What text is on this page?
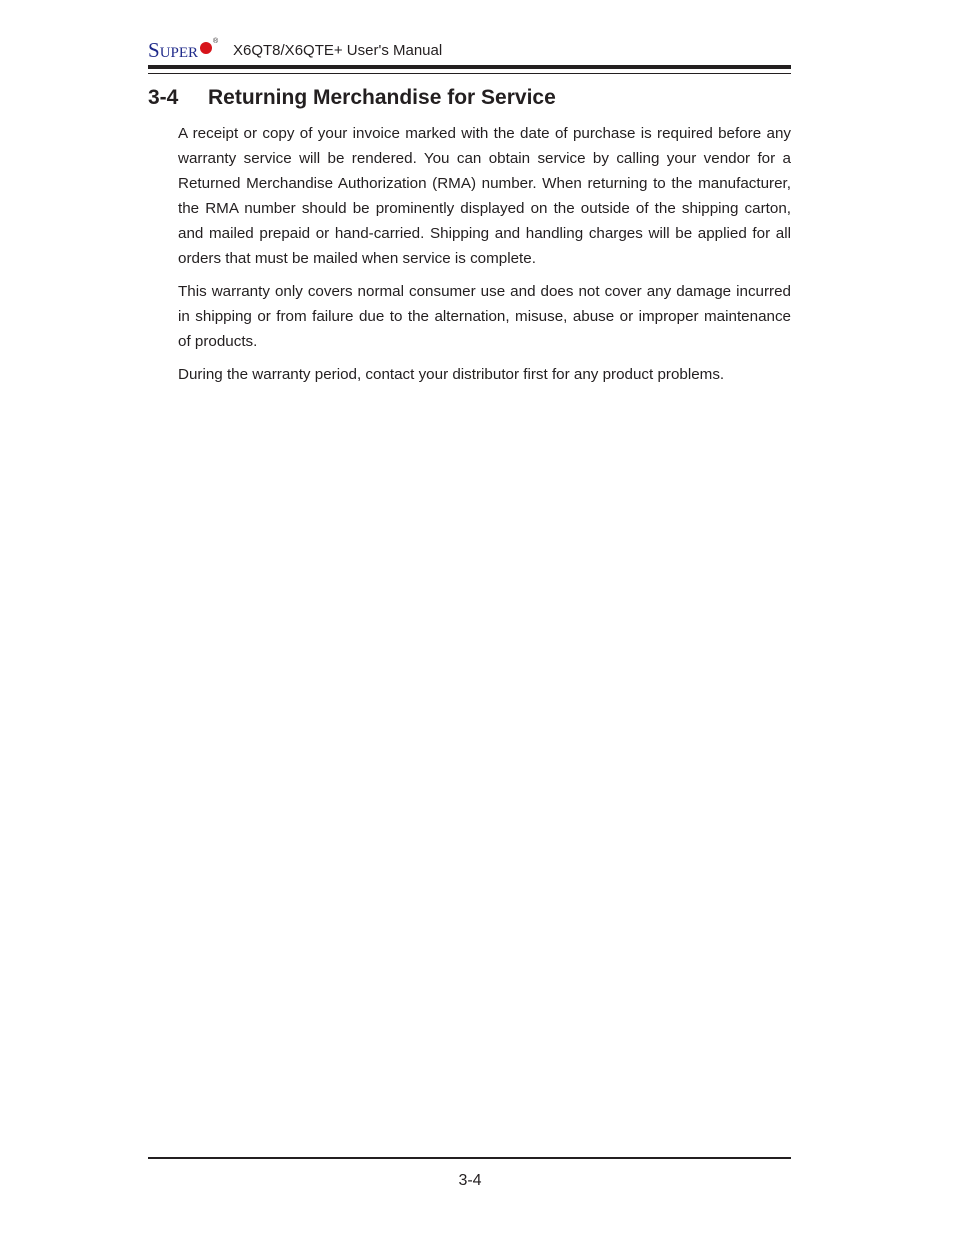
SUPER
®
X6QT8/X6QTE+ User's Manual
3-4 Returning Merchandise for Service

A receipt or copy of your invoice marked with the date of purchase is required before any warranty service will be rendered. You can obtain service by calling your vendor for a Returned Merchandise Authorization (RMA) number. When returning to the manufacturer, the RMA number should be prominently displayed on the outside of the shipping carton, and mailed prepaid or hand-carried. Shipping and handling charges will be applied for all orders that must be mailed when service is complete.

This warranty only covers normal consumer use and does not cover any damage incurred in shipping or from failure due to the alternation, misuse, abuse or improper maintenance of products.

During the warranty period, contact your distributor first for any product problems.

3-4
